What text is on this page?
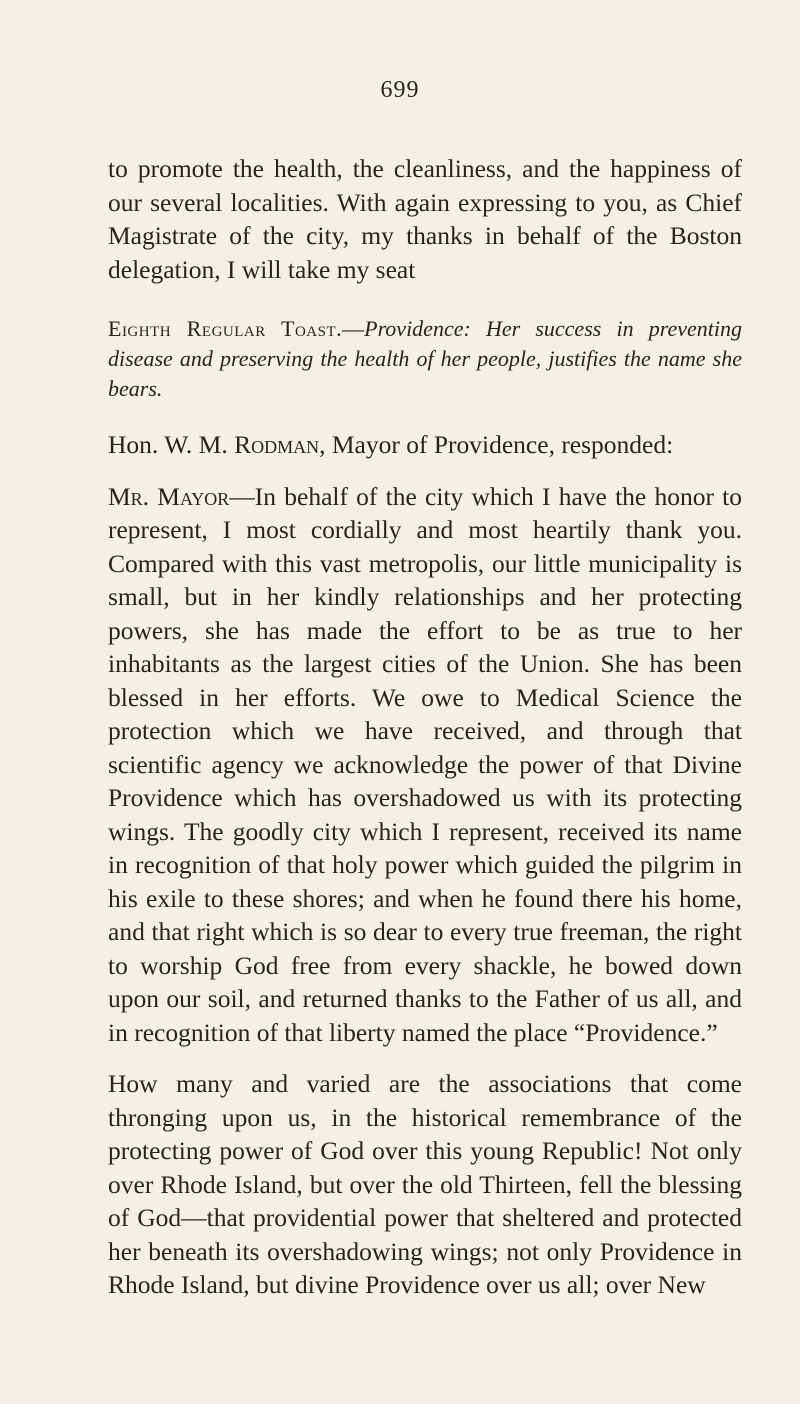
699

to promote the health, the cleanliness, and the happiness of our several localities. With again expressing to you, as Chief Magistrate of the city, my thanks in behalf of the Boston delegation, I will take my seat

Eighth Regular Toast.—Providence: Her success in preventing disease and preserving the health of her people, justifies the name she bears.

Hon. W. M. Rodman, Mayor of Providence, responded:

Mr. Mayor—In behalf of the city which I have the honor to represent, I most cordially and most heartily thank you. Compared with this vast metropolis, our little municipality is small, but in her kindly relationships and her protecting powers, she has made the effort to be as true to her inhabitants as the largest cities of the Union. She has been blessed in her efforts. We owe to Medical Science the protection which we have received, and through that scientific agency we acknowledge the power of that Divine Providence which has overshadowed us with its protecting wings. The goodly city which I represent, received its name in recognition of that holy power which guided the pilgrim in his exile to these shores; and when he found there his home, and that right which is so dear to every true freeman, the right to worship God free from every shackle, he bowed down upon our soil, and returned thanks to the Father of us all, and in recognition of that liberty named the place “Providence.”

How many and varied are the associations that come thronging upon us, in the historical remembrance of the protecting power of God over this young Republic! Not only over Rhode Island, but over the old Thirteen, fell the blessing of God—that providential power that sheltered and protected her beneath its overshadowing wings; not only Providence in Rhode Island, but divine Providence over us all; over New
